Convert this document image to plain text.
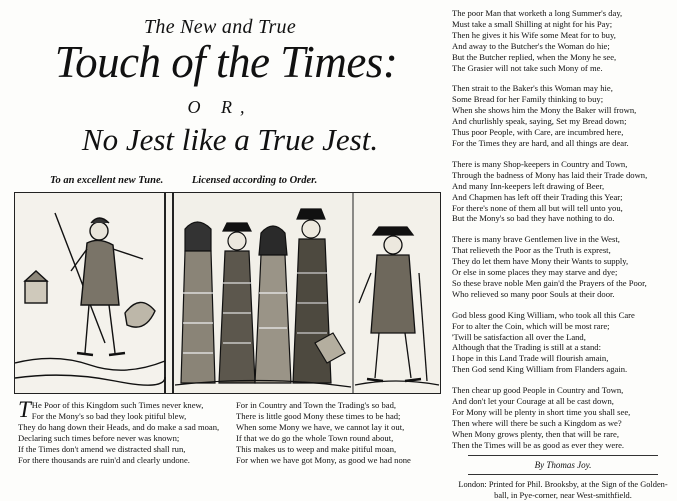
The New and True
Touch of the Times:
O R,
No Jest like a True Jest.
To an excellent new Tune.	Licensed according to Order.
T He Poor of this Kingdom such Times never knew,
For the Mony's so bad they look pitiful blew,
They do hang down their Heads, and do make a sad moan,
Declaring such times before never was known;
If the Times don't amend we distracted shall run,
For there thousands are ruin'd and clearly undone.
For in Country and Town the Trading's so bad,
There is little good Mony these times to be had;
When some Mony we have, we cannot lay it out,
If that we do go the whole Town round about,
This makes us to weep and make pitiful moan,
For when we have got Mony, as good we had none
The poor Man that worketh a long Summer's day,
Must take a small Shilling at night for his Pay;
Then he gives it his Wife some Meat for to buy,
And away to the Butcher's the Woman do hie;
But the Butcher replied, when the Mony he see,
The Grasier will not take such Mony of me.
Then strait to the Baker's this Woman may hie,
Some Bread for her Family thinking to buy;
When she shows him the Mony the Baker will frown,
And churlishly speak, saying, Set my Bread down;
Thus poor People, with Care, are incumbred here,
For the Times they are hard, and all things are dear.
There is many Shop-keepers in Country and Town,
Through the badness of Mony has laid their Trade down,
And many Inn-keepers left drawing of Beer,
And Chapmen has left off their Trading this Year;
For there's none of them all but will tell unto you,
But the Mony's so bad they have nothing to do.
There is many brave Gentlemen live in the West,
That relieveth the Poor as the Truth is exprest,
They do let them have Mony their Wants to supply,
Or else in some places they may starve and dye;
So these brave noble Men gain'd the Prayers of the Poor,
Who relieved so many poor Souls at their door.
God bless good King William, who took all this Care
For to alter the Coin, which will be most rare;
'Twill be satisfaction all over the Land,
Although that the Trading is still at a stand:
I hope in this Land Trade will flourish amain,
Then God send King William from Flanders again.
Then chear up good People in Country and Town,
And don't let your Courage at all be cast down,
For Mony will be plenty in short time you shall see,
Then where will there be such a Kingdom as we?
When Mony grows plenty, then that will be rare,
Then the Times will be as good as ever they were.
By Thomas Joy.
London: Printed for Phil. Brooksby, at the Sign of the Golden-ball, in Pye-corner, near West-smithfield.
